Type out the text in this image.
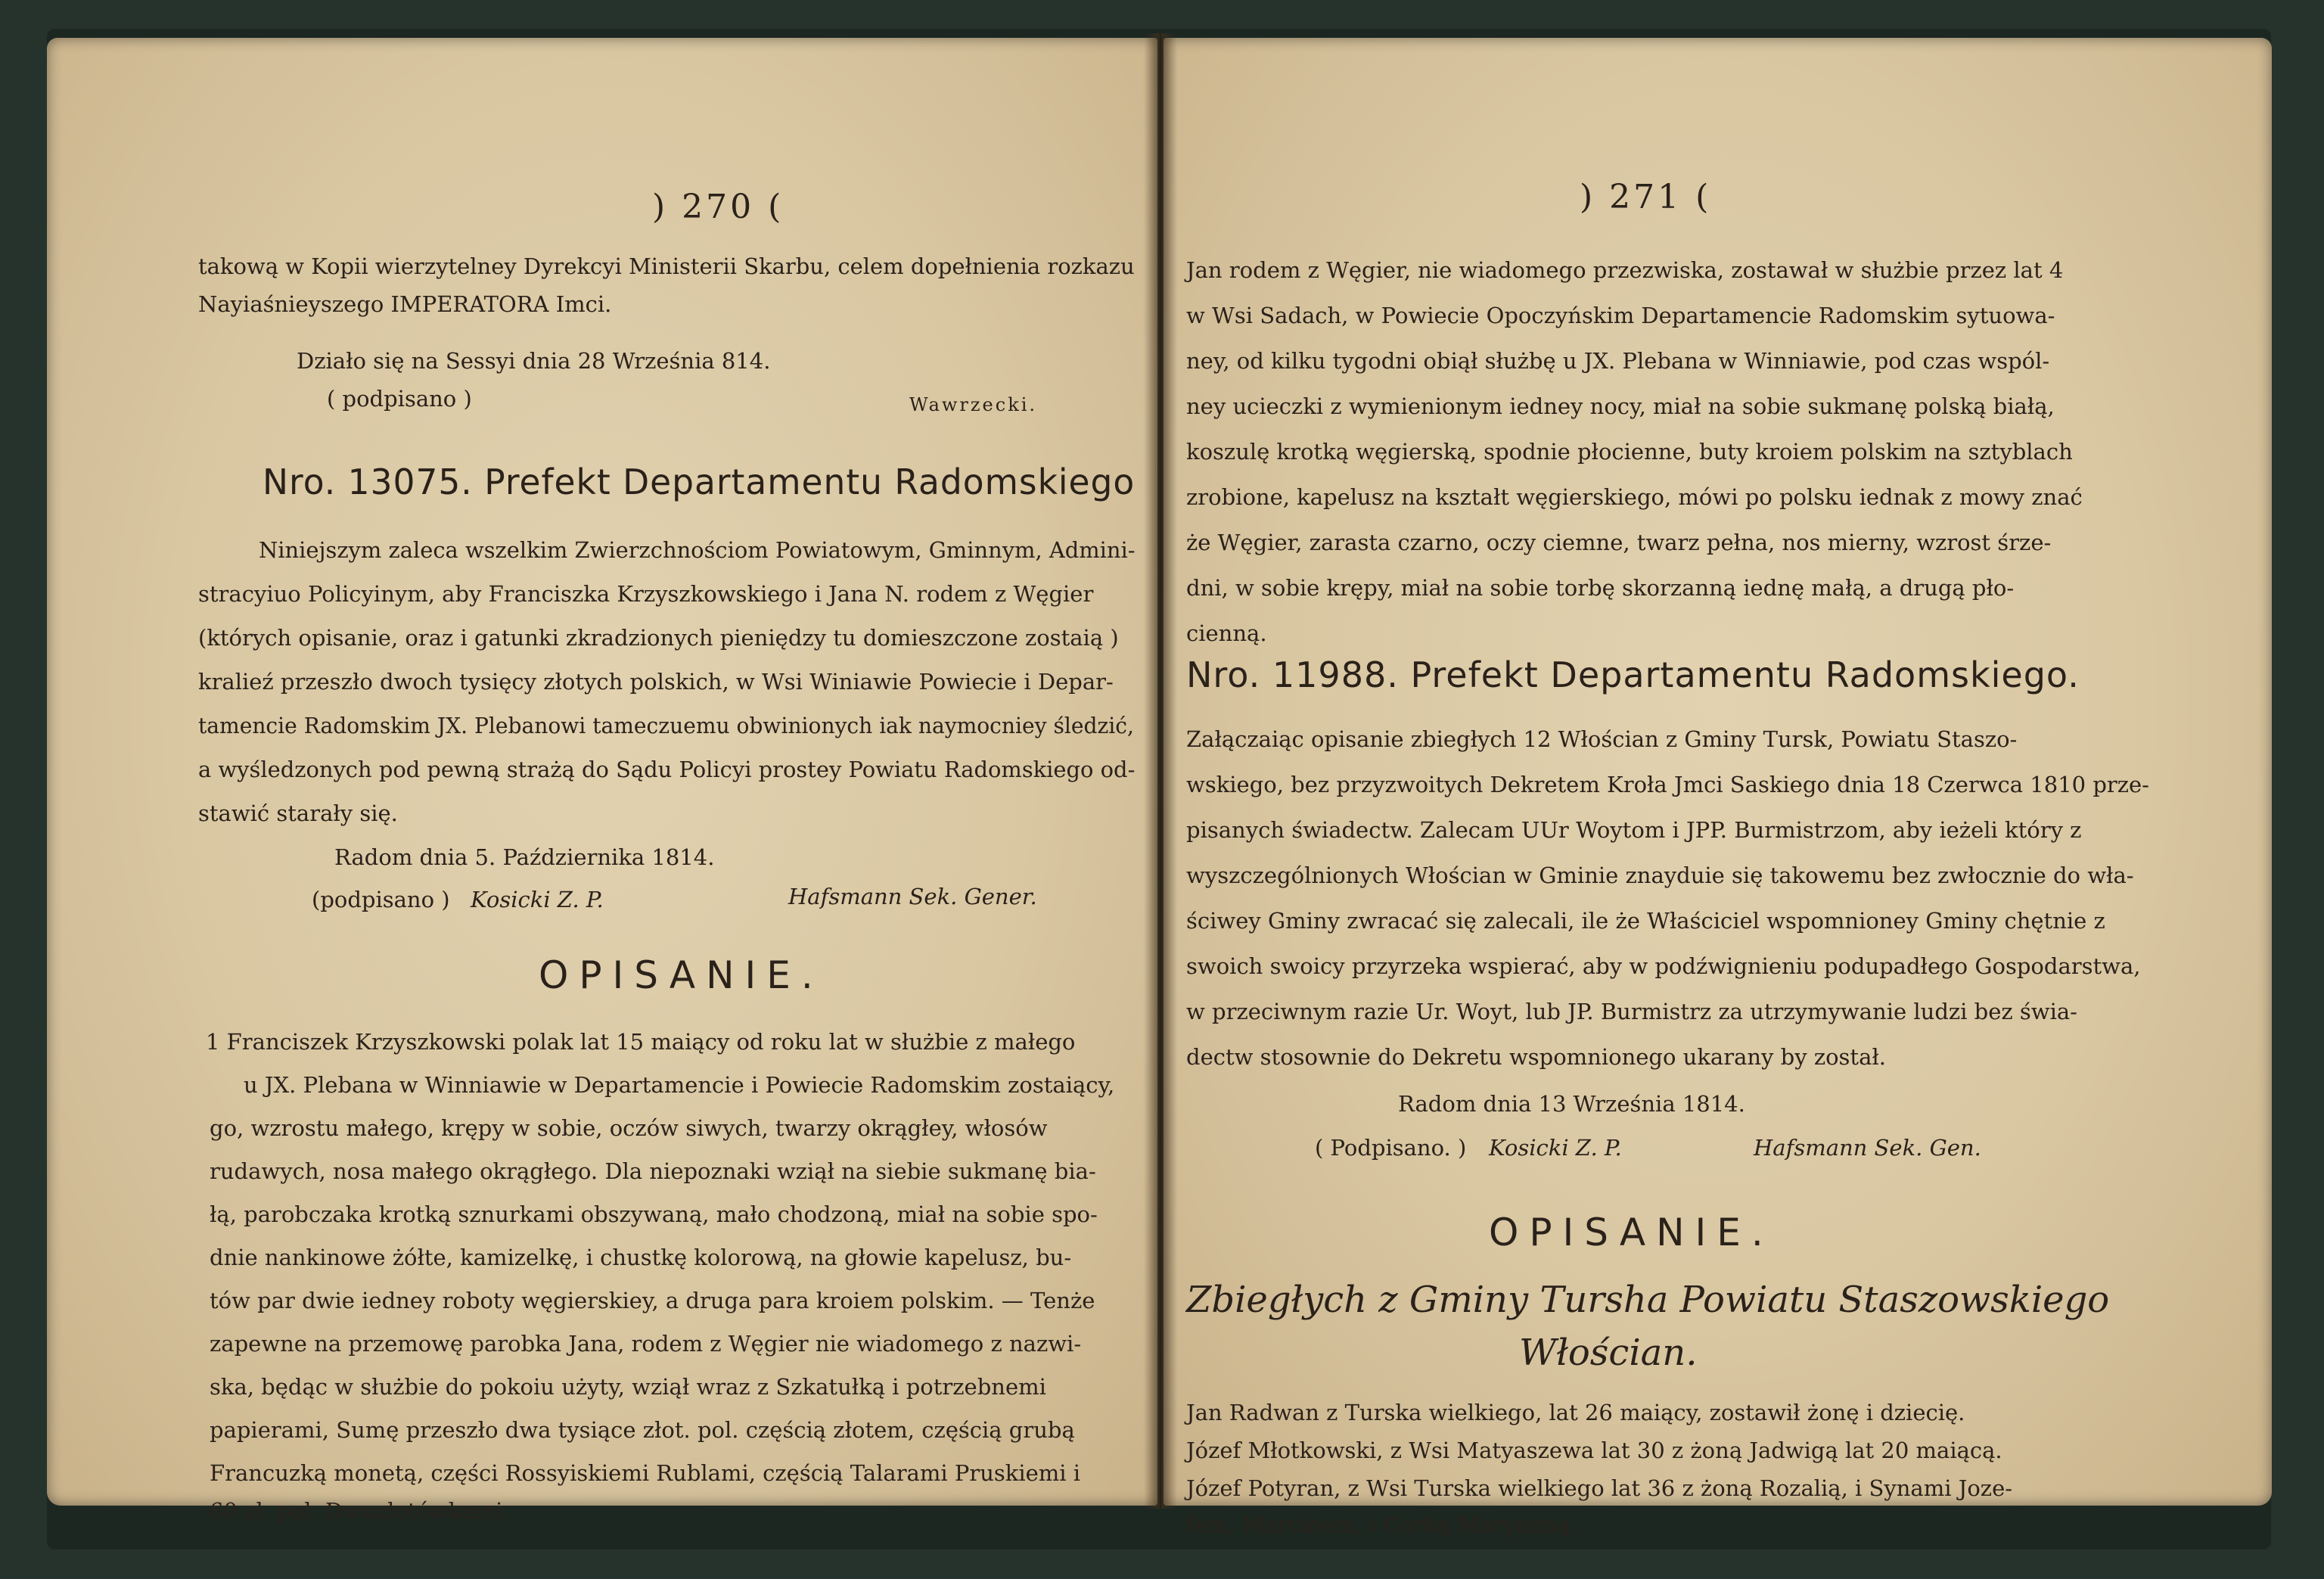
) 270 (
takową w Kopii wierzytelney Dyrekcyi Ministerii Skarbu, celem dopełnienia rozkazu
Nayiaśnieyszego IMPERATORA Imci.
Działo się na Sessyi dnia 28 Września 814.
( podpisano )	Wawrzecki.
Nro. 13075. Prefekt Departamentu Radomskiego
Niniejszym zaleca wszelkim Zwierzchnościom Powiatowym, Gminnym, Admini-
stracyiuo Policyinym, aby Franciszka Krzyszkowskiego i Jana N. rodem z Węgier
(których opisanie, oraz i gatunki zkradzionych pieniędzy tu domieszczone zostaią )
kralieź przeszło dwoch tysięcy złotych polskich, w Wsi Winiawie Powiecie i Depar-
tamencie Radomskim JX. Plebanowi tameczuemu obwinionych iak naymocniey śledzić,
a wyśledzonych pod pewną strażą do Sądu Policyi prostey Powiatu Radomskiego od-
stawić starały się.
Radom dnia 5. Października 1814.
(podpisano ) Kosicki Z. P.	Hafsmann Sek. Gener.
OPISANIE.
1 Franciszek Krzyszkowski polak lat 15 maiący od roku lat w służbie z małego
u JX. Plebana w Winniawie w Departamencie i Powiecie Radomskim zostaiący,
go, wzrostu małego, krępy w sobie, oczów siwych, twarzy okrągłey, włosów
rudawych, nosa małego okrągłego. Dla niepoznaki wziął na siebie sukmanę bia-
łą, parobczaka krotką sznurkami obszywaną, mało chodzoną, miał na sobie spo-
dnie nankinowe żółte, kamizelkę, i chustkę kolorową, na głowie kapelusz, bu-
tów par dwie iedney roboty węgierskiey, a druga para kroiem polskim. — Tenże
zapewne na przemowę parobka Jana, rodem z Węgier nie wiadomego z nazwi-
ska, będąc w służbie do pokoiu użyty, wziął wraz z Szkatułką i potrzebnemi
papierami, Sumę przeszło dwa tysiące złot. pol. częścią złotem, częścią grubą
Francuzką monetą, części Rossyiskiemi Rublami, częścią Talarami Pruskiemi i
60 zł. pol. Dwuzłotówkami.
) 271 (
Jan rodem z Węgier, nie wiadomego przezwiska, zostawał w służbie przez lat 4
w Wsi Sadach, w Powiecie Opoczyńskim Departamencie Radomskim sytuowa-
ney, od kilku tygodni obiął służbę u JX. Plebana w Winniawie, pod czas wspól-
ney ucieczki z wymienionym iedney nocy, miał na sobie sukmanę polską białą,
koszulę krotką węgierską, spodnie płocienne, buty kroiem polskim na sztyblach
zrobione, kapelusz na kształt węgierskiego, mówi po polsku iednak z mowy znać
że Węgier, zarasta czarno, oczy ciemne, twarz pełna, nos mierny, wzrost śrze-
dni, w sobie krępy, miał na sobie torbę skorzanną iednę małą, a drugą pło-
cienną.
Nro. 11988. Prefekt Departamentu Radomskiego.
Załączaiąc opisanie zbiegłych 12 Włościan z Gminy Tursk, Powiatu Staszo-
wskiego, bez przyzwoitych Dekretem Kroła Jmci Saskiego dnia 18 Czerwca 1810 prze-
pisanych świadectw. Zalecam UUr Woytom i JPP. Burmistrzom, aby ieżeli który z
wyszczególnionych Włościan w Gminie znayduie się takowemu bez zwłocznie do wła-
ściwey Gminy zwracać się zalecali, ile że Właściciel wspomnioney Gminy chętnie z
swoich swoicy przyrzeka wspierać, aby w podźwignieniu podupadłego Gospodarstwa,
w przeciwnym razie Ur. Woyt, lub JP. Burmistrz za utrzymywanie ludzi bez świa-
dectw stosownie do Dekretu wspomnionego ukarany by został.
Radom dnia 13 Września 1814.
( Podpisano. ) Kosicki Z. P.	Hafsmann Sek. Gen.
OPISANIE.
Zbiegłych z Gminy Tursha Powiatu Staszowskiego
Włościan.
Jan Radwan z Turska wielkiego, lat 26 maiący, zostawił żonę i dziecię.
Józef Młotkowski, z Wsi Matyaszewa lat 30 z żoną Jadwigą lat 20 maiącą.
Józef Potyran, z Wsi Turska wielkiego lat 36 z żoną Rozalią, i Synami Joze-
fem, Marcinem, i Corką Maryanną.
